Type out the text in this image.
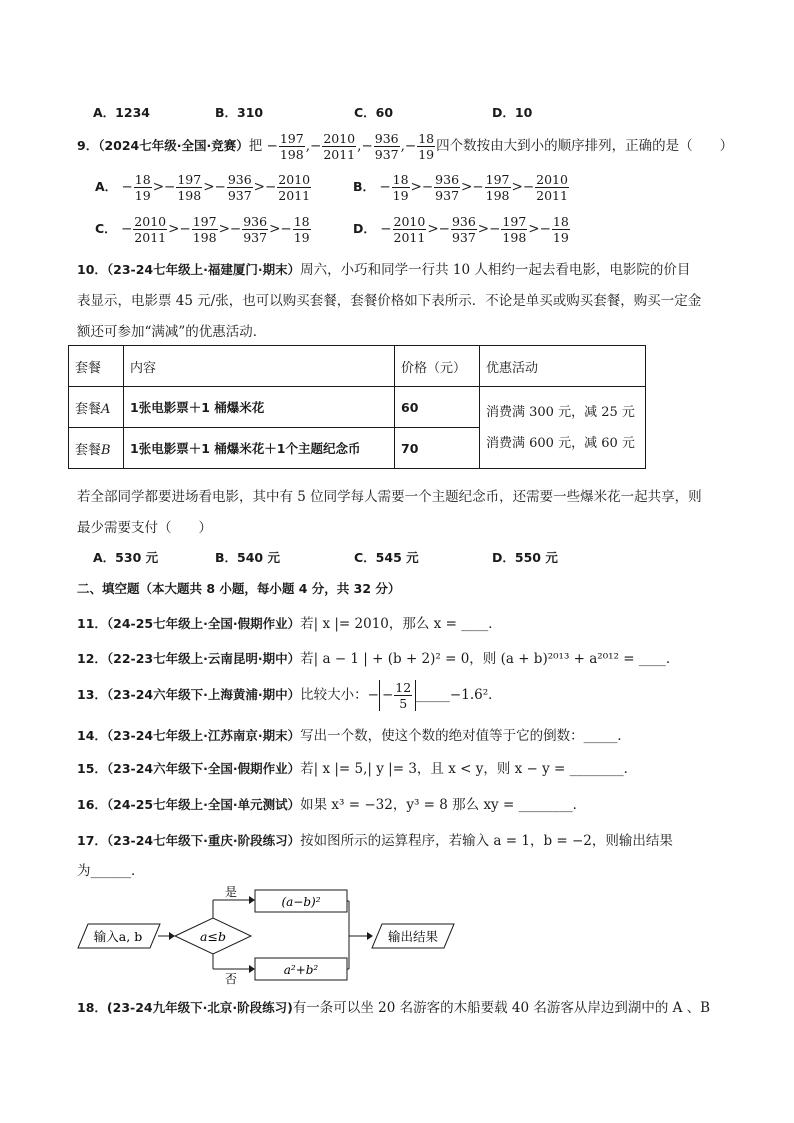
A．1234	B．310	C．60	D．10
9．（2024七年级·全国·竞赛）把 − $\frac{197}{198}$ ,− $\frac{2010}{2011}$ ,− $\frac{936}{937}$ ,− $\frac{18}{19}$ 四个数按由大到小的顺序排列，正确的是（　　）
A． − $\frac{18}{19} >- \frac{197}{198} >- \frac{936}{937} >- \frac{2010}{2011}$	B． − $\frac{18}{19} >- \frac{936}{937} >- \frac{197}{198} >- \frac{2010}{2011}$
C． − $\frac{2010}{2011} >- \frac{197}{198} >- \frac{936}{937} >- \frac{18}{19}$	D． − $\frac{2010}{2011} >- \frac{936}{937} >- \frac{197}{198} >- \frac{18}{19}$
10．（23-24七年级上·福建厦门·期末）周六，小巧和同学一行共 10 人相约一起去看电影，电影院的价目
表显示，电影票 45 元/张，也可以购买套餐，套餐价格如下表所示．不论是单买或购买套餐，购买一定金
额还可参加“满减”的优惠活动．
套餐	内容	价格（元）	优惠活动
套餐A	1张电影票＋1 桶爆米花	60	消费满 300 元，减 25 元
消费满 600 元，减 60 元

套餐B	1张电影票＋1 桶爆米花＋1个主题纪念币	70	
若全部同学都要进场看电影，其中有 5 位同学每人需要一个主题纪念币，还需要一些爆米花一起共享，则
最少需要支付（　　）
A．530 元	B．540 元	C．545 元	D．550 元
二、填空题（本大题共 8 小题，每小题 4 分，共 32 分）
11．（24-25七年级上·全国·假期作业）若| x |= 2010，那么 x = ____．
12．（22-23七年级上·云南昆明·期中）若| a − 1 | + (b + 2)² = 0，则 (a + b)²⁰¹³ + a²⁰¹² = ____．
13．（23-24六年级下·上海黄浦·期中）比较大小：− − $\frac{12}{5}$ _____−1.6²．
14．（23-24七年级上·江苏南京·期末）写出一个数，使这个数的绝对值等于它的倒数：_____．
15．（23-24六年级下·全国·假期作业）若| x |= 5,| y |= 3，且 x < y，则 x − y = ________．
16．（24-25七年级上·全国·单元测试）如果 x³ = −32，y³ = 8 那么 xy = ________．
17．（23-24七年级下·重庆·阶段练习）按如图所示的运算程序，若输入 a = 1，b = −2，则输出结果
为______．
输入a, b	a≤b
是
(a−b)²
否
a²+b²
输出结果
18．(23-24九年级下·北京·阶段练习)有一条可以坐 20 名游客的木船要载 40 名游客从岸边到湖中的 A 、B
